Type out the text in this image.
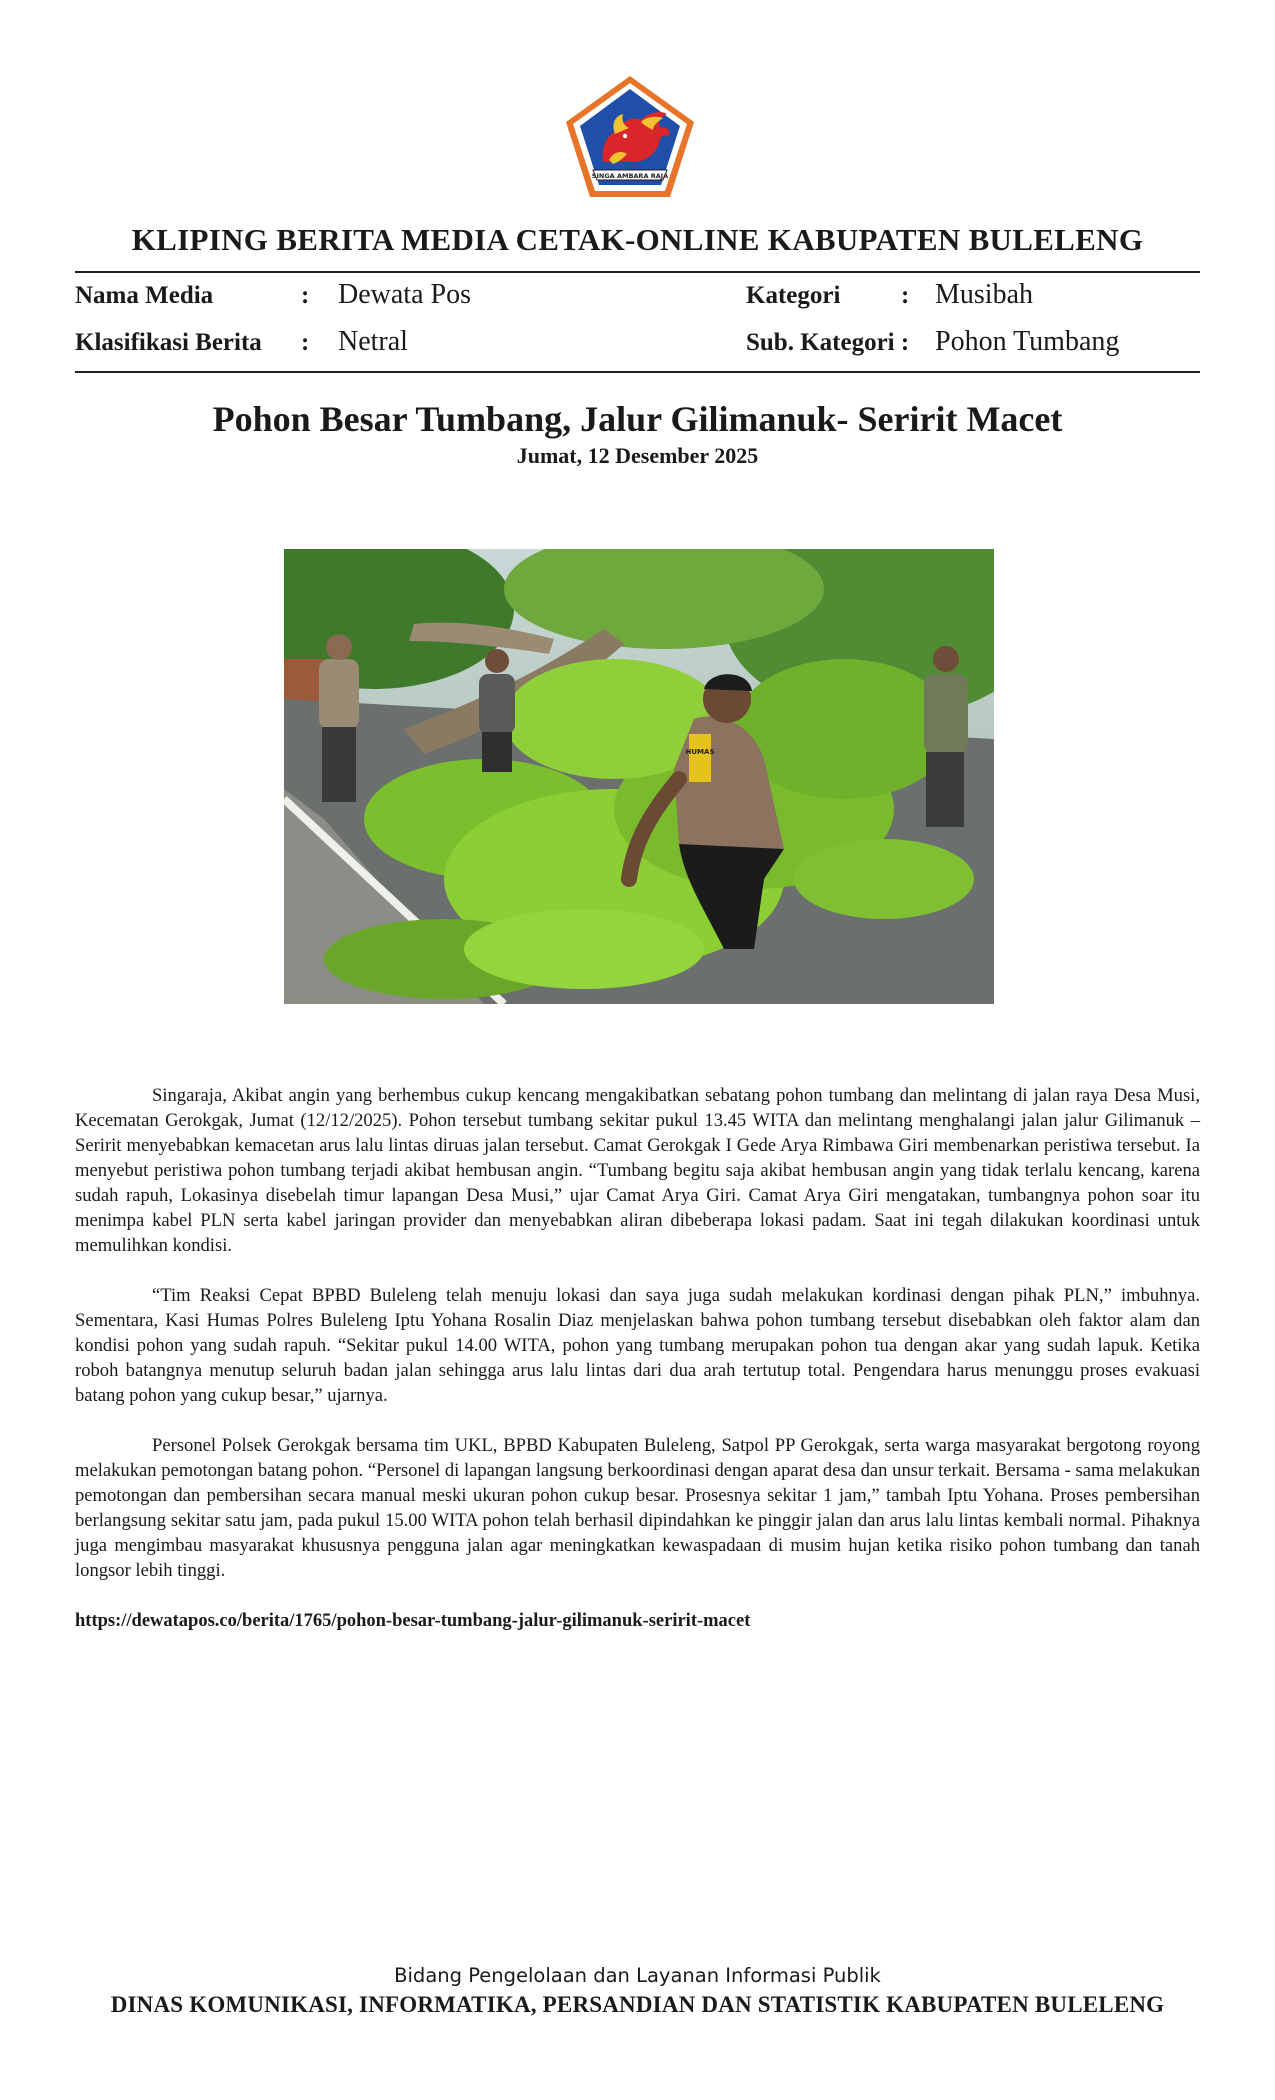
SINGA AMBARA RAJA
KLIPING BERITA MEDIA CETAK-ONLINE KABUPATEN BULELENG
Nama Media	: Dewata Pos
Klasifikasi Berita : Netral
Kategori : Musibah
Sub. Kategori : Pohon Tumbang
Pohon Besar Tumbang, Jalur Gilimanuk- Seririt Macet
Jumat, 12 Desember 2025
HUMAS

Singaraja, Akibat angin yang berhembus cukup kencang mengakibatkan sebatang pohon tumbang dan melintang di jalan raya Desa Musi, Kecematan Gerokgak, Jumat (12/12/2025). Pohon tersebut tumbang sekitar pukul 13.45 WITA dan melintang menghalangi jalan jalur Gilimanuk – Seririt menyebabkan kemacetan arus lalu lintas diruas jalan tersebut. Camat Gerokgak I Gede Arya Rimbawa Giri membenarkan peristiwa tersebut. Ia menyebut peristiwa pohon tumbang terjadi akibat hembusan angin. “Tumbang begitu saja akibat hembusan angin yang tidak terlalu kencang, karena sudah rapuh, Lokasinya disebelah timur lapangan Desa Musi,” ujar Camat Arya Giri. Camat Arya Giri mengatakan, tumbangnya pohon soar itu menimpa kabel PLN serta kabel jaringan provider dan menyebabkan aliran dibeberapa lokasi padam. Saat ini tegah dilakukan koordinasi untuk memulihkan kondisi.

“Tim Reaksi Cepat BPBD Buleleng telah menuju lokasi dan saya juga sudah melakukan kordinasi dengan pihak PLN,” imbuhnya. Sementara, Kasi Humas Polres Buleleng Iptu Yohana Rosalin Diaz menjelaskan bahwa pohon tumbang tersebut disebabkan oleh faktor alam dan kondisi pohon yang sudah rapuh. “Sekitar pukul 14.00 WITA, pohon yang tumbang merupakan pohon tua dengan akar yang sudah lapuk. Ketika roboh batangnya menutup seluruh badan jalan sehingga arus lalu lintas dari dua arah tertutup total. Pengendara harus menunggu proses evakuasi batang pohon yang cukup besar,” ujarnya.

Personel Polsek Gerokgak bersama tim UKL, BPBD Kabupaten Buleleng, Satpol PP Gerokgak, serta warga masyarakat bergotong royong melakukan pemotongan batang pohon. “Personel di lapangan langsung berkoordinasi dengan aparat desa dan unsur terkait. Bersama - sama melakukan pemotongan dan pembersihan secara manual meski ukuran pohon cukup besar. Prosesnya sekitar 1 jam,” tambah Iptu Yohana. Proses pembersihan berlangsung sekitar satu jam, pada pukul 15.00 WITA pohon telah berhasil dipindahkan ke pinggir jalan dan arus lalu lintas kembali normal. Pihaknya juga mengimbau masyarakat khususnya pengguna jalan agar meningkatkan kewaspadaan di musim hujan ketika risiko pohon tumbang dan tanah longsor lebih tinggi.

https://dewatapos.co/berita/1765/pohon-besar-tumbang-jalur-gilimanuk-seririt-macet
Bidang Pengelolaan dan Layanan Informasi Publik
DINAS KOMUNIKASI, INFORMATIKA, PERSANDIAN DAN STATISTIK KABUPATEN BULELENG
